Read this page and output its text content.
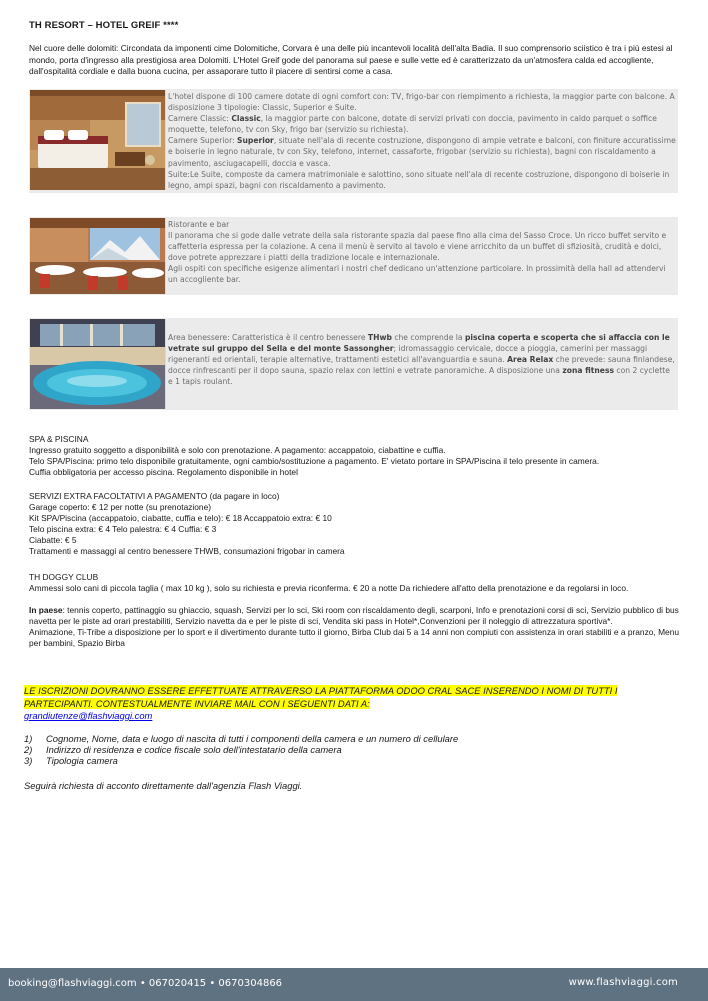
TH RESORT – HOTEL GREIF ****

Nel cuore delle dolomiti: Circondata da imponenti cime Dolomitiche, Corvara è una delle più incantevoli località dell'alta Badia. Il suo comprensorio sciistico è tra i più estesi al mondo, porta d'ingresso alla prestigiosa area Dolomiti. L'Hotel Greif gode del panorama sul paese e sulle vette ed è caratterizzato da un'atmosfera calda ed accogliente, dall'ospitalità cordiale e dalla buona cucina, per assaporare tutto il piacere di sentirsi come a casa.

L'hotel dispone di 100 camere dotate di ogni comfort con: TV, frigo-bar con riempimento a richiesta, la maggior parte con balcone. A disposizione 3 tipologie: Classic, Superior e Suite.

Camere Classic: Classic, la maggior parte con balcone, dotate di servizi privati con doccia, pavimento in caldo parquet o soffice moquette, telefono, tv con Sky, frigo bar (servizio su richiesta).

Camere Superior: Superior, situate nell'ala di recente costruzione, dispongono di ampie vetrate e balconi, con finiture accuratissime e boiserie in legno naturale, tv con Sky, telefono, internet, cassaforte, frigobar (servizio su richiesta), bagni con riscaldamento a pavimento, asciugacapelli, doccia e vasca.

Suite:Le Suite, composte da camera matrimoniale e salottino, sono situate nell'ala di recente costruzione, dispongono di boiserie in legno, ampi spazi, bagni con riscaldamento a pavimento.

Ristorante e bar

Il panorama che si gode dalle vetrate della sala ristorante spazia dal paese fino alla cima del Sasso Croce. Un ricco buffet servito e caffetteria espressa per la colazione. A cena il menù è servito al tavolo e viene arricchito da un buffet di sfiziosità, crudità e dolci, dove potrete apprezzare i piatti della tradizione locale e internazionale.

Agli ospiti con specifiche esigenze alimentari i nostri chef dedicano un'attenzione particolare. In prossimità della hall ad attendervi un accogliente bar.

Area benessere: Caratteristica è il centro benessere THwb che comprende la piscina coperta e scoperta che si affaccia con le vetrate sul gruppo del Sella e del monte Sassongher; idromassaggio cervicale, docce a pioggia, camerini per massaggi rigeneranti ed orientali, terapie alternative, trattamenti estetici all'avanguardia e sauna. Area Relax che prevede: sauna finlandese, docce rinfrescanti per il dopo sauna, spazio relax con lettini e vetrate panoramiche. A disposizione una zona fitness con 2 cyclette e 1 tapis roulant.

SPA & PISCINA

Ingresso gratuito soggetto a disponibilità e solo con prenotazione. A pagamento: accappatoio, ciabattine e cuffia.

Telo SPA/Piscina: primo telo disponibile gratuitamente, ogni cambio/sostituzione a pagamento. E' vietato portare in SPA/Piscina il telo presente in camera.

Cuffia obbligatoria per accesso piscina. Regolamento disponibile in hotel

SERVIZI EXTRA FACOLTATIVI A PAGAMENTO (da pagare in loco)

Garage coperto: € 12 per notte (su prenotazione)

Kit SPA/Piscina (accappatoio, ciabatte, cuffia e telo): € 18 Accappatoio extra: € 10

Telo piscina extra: € 4 Telo palestra: € 4 Cuffia: € 3

Ciabatte: € 5

Trattamenti e massaggi al centro benessere THWB, consumazioni frigobar in camera

TH DOGGY CLUB

Ammessi solo cani di piccola taglia ( max 10 kg ), solo su richiesta e previa riconferma. € 20 a notte Da richiedere all'atto della prenotazione e da regolarsi in loco.

In paese: tennis coperto, pattinaggio su ghiaccio, squash, Servizi per lo sci, Ski room con riscaldamento degli, scarponi, Info e prenotazioni corsi di sci, Servizio pubblico di bus navetta per le piste ad orari prestabiliti, Servizio navetta da e per le piste di sci, Vendita ski pass in Hotel*,Convenzioni per il noleggio di attrezzatura sportiva*.

Animazione, Ti-Tribe a disposizione per lo sport e il divertimento durante tutto il giorno, Birba Club dai 5 a 14 anni non compiuti con assistenza in orari stabiliti e a pranzo, Menu per bambini, Spazio Birba

LE ISCRIZIONI DOVRANNO ESSERE EFFETTUATE ATTRAVERSO LA PIATTAFORMA ODOO CRAL SACE INSERENDO I NOMI DI TUTTI I PARTECIPANTI. CONTESTUALMENTE INVIARE MAIL CON I SEGUENTI DATI A:
grandiutenze@flashviaggi.com
1) Cognome, Nome, data e luogo di nascita di tutti i componenti della camera e un numero di cellulare
2) Indirizzo di residenza e codice fiscale solo dell'intestatario della camera
3) Tipologia camera
Seguirà richiesta di acconto direttamente dall'agenzia Flash Viaggi.
booking@flashviaggi.com • 067020415 • 0670304866	www.flashviaggi.com
